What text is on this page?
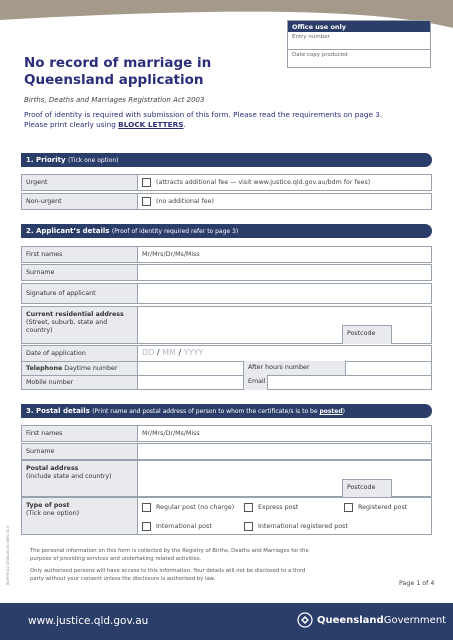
Office use only
Entry number
Date copy produced
No record of marriage in Queensland application
Births, Deaths and Marriages Registration Act 2003
Proof of identity is required with submission of this form. Please read the requirements on page 3.
Please print clearly using BLOCK LETTERS.
1. Priority (Tick one option)
Urgent	(attracts additional fee — visit www.justice.qld.gov.au/bdm for fees)
Non-urgent	(no additional fee)
2. Applicant’s details (Proof of identity required refer to page 3)
First names	Mr/Mrs/Dr/Ms/Miss
Surname
Signature of applicant
Current residential address
(Street, suburb, state and country)	Postcode
Date of application	DD / MM / YYYY
Telephone Daytime number	After hours number
Mobile number	Email
3. Postal details (Print name and postal address of person to whom the certificate/s is to be posted)
First names	Mr/Mrs/Dr/Ms/Miss
Surname
Postal address
(include state and country)
Postcode
Type of post
(Tick one option)
Regular post (no charge)	Express post	Registered post
International post	International registered post

The personal information on this form is collected by the Registry of Births, Deaths and Marriages for the purpose of providing services and undertaking related activities.

Only authorised persons will have access to this information. Your details will not be disclosed to a third party without your consent unless the disclosure is authorised by law.

Page 1 of 4
BDMF0012 2008-00-00 0000 01.0
www.justice.qld.gov.au	Queensland Government
